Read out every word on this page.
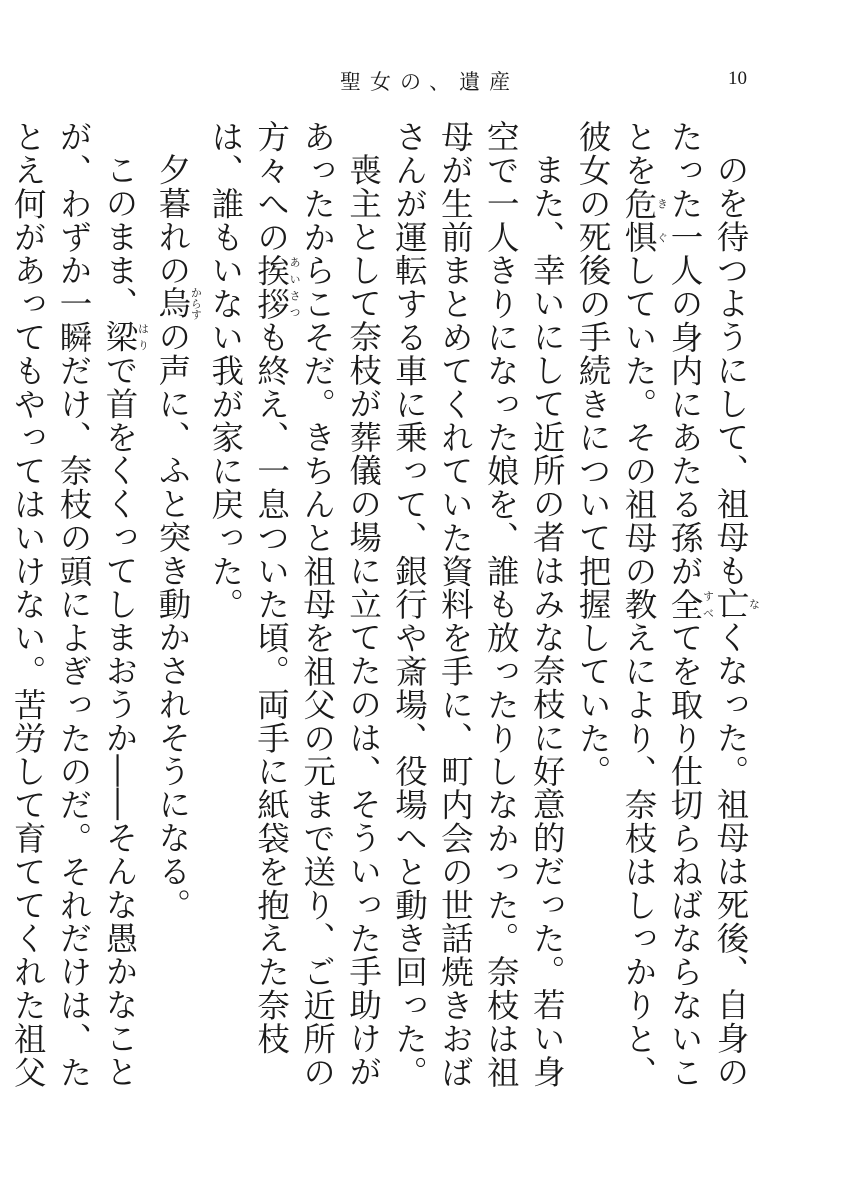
聖女の、遺産	10

のを待つようにして、祖母も亡なくなった。祖母は死後、自身のたった一人の身内にあたる孫が全すべてを取り仕切らねばならないことを危惧きぐしていた。その祖母の教えにより、奈枝はしっかりと、彼女の死後の手続きについて把握していた。

また、幸いにして近所の者はみな奈枝に好意的だった。若い身空で一人きりになった娘を、誰も放ったりしなかった。奈枝は祖母が生前まとめてくれていた資料を手に、町内会の世話焼きおばさんが運転する車に乗って、銀行や斎場、役場へと動き回った。

喪主として奈枝が葬儀の場に立てたのは、そういった手助けがあったからこそだ。きちんと祖母を祖父の元まで送り、ご近所の方々への挨拶あいさつも終え、一息ついた頃。両手に紙袋を抱えた奈枝は、誰もいない我が家に戻った。

夕暮れの烏からすの声に、ふと突き動かされそうになる。

このまま、梁はりで首をくくってしまおうか――そんな愚かなことが、わずか一瞬だけ、奈枝の頭によぎったのだ。それだけは、たとえ何があってもやってはいけない。苦労して育ててくれた祖父
